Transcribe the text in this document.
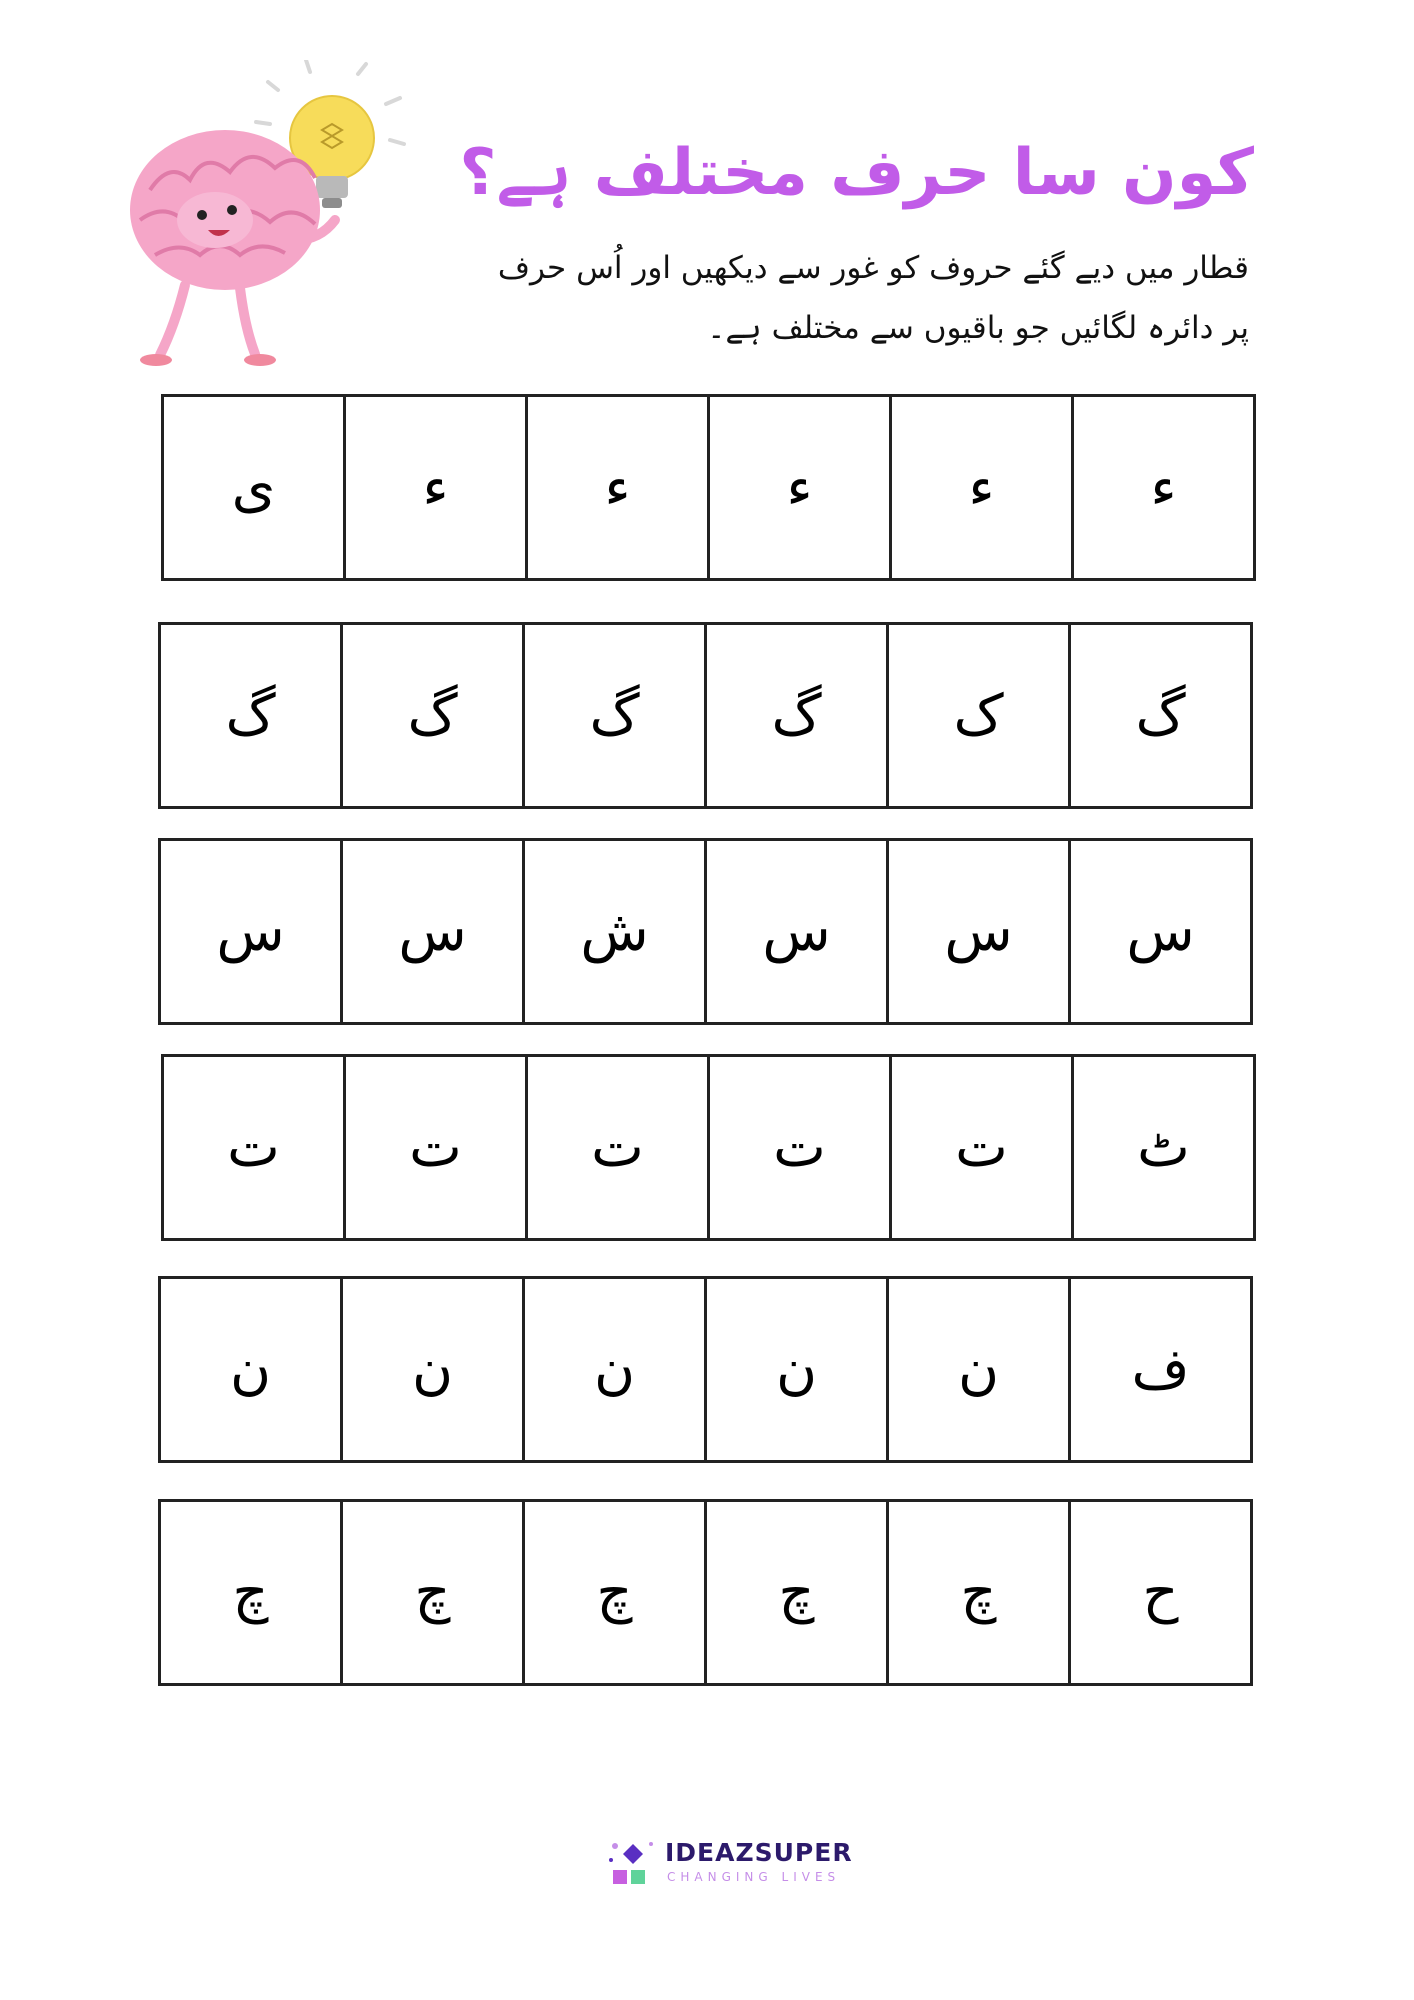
کون سا حرف مختلف ہے؟
قطار میں دیے گئے حروف کو غور سے دیکھیں اور اُس حرف
پر دائرہ لگائیں جو باقیوں سے مختلف ہے۔
ء
ء
ء
ء
ء
ی
گ
ک
گ
گ
گ
گ
س
س
س
ش
س
س
ٹ
ت
ت
ت
ت
ت
ف
ن
ن
ن
ن
ن
ح
چ
چ
چ
چ
چ
IDEAZSUPER
CHANGING LIVES
